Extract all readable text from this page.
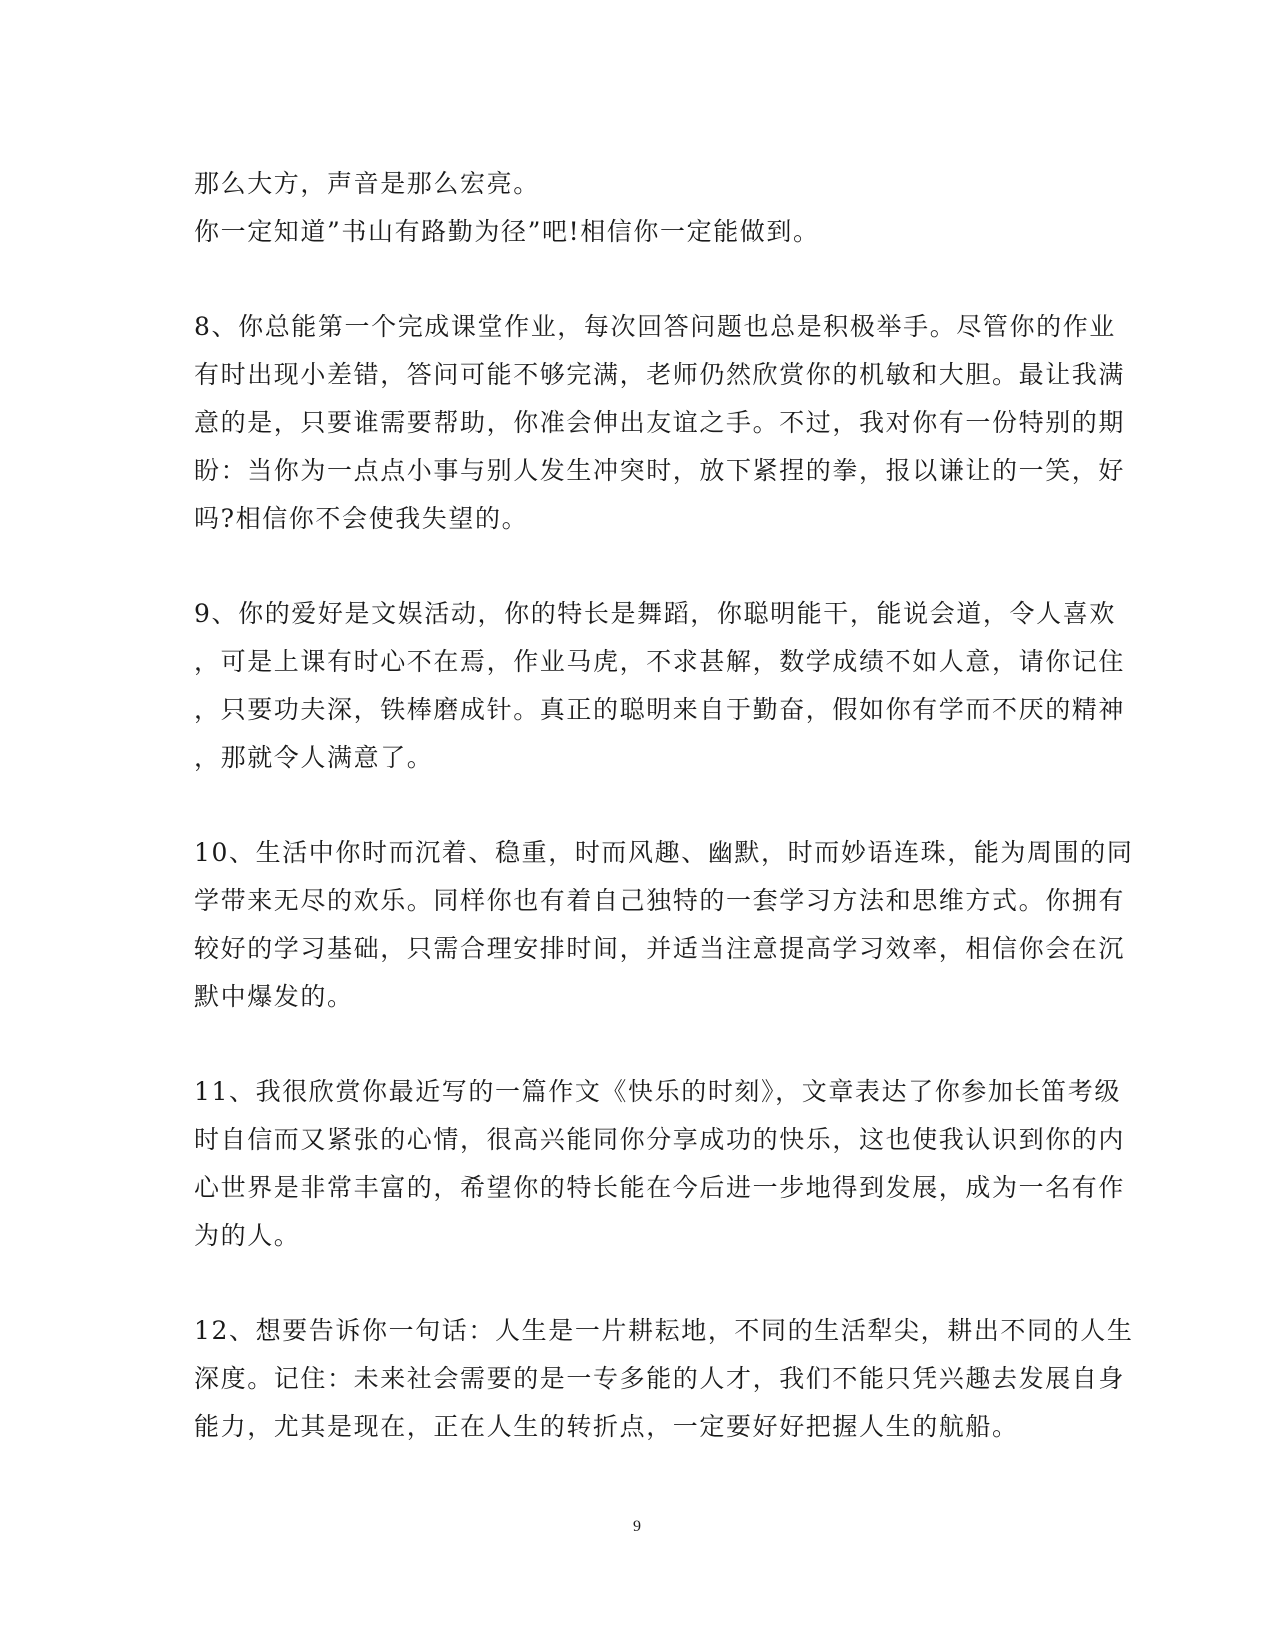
那么大方，声音是那么宏亮。
你一定知道”书山有路勤为径”吧!相信你一定能做到。
8、你总能第一个完成课堂作业，每次回答问题也总是积极举手。尽管你的作业
有时出现小差错，答问可能不够完满，老师仍然欣赏你的机敏和大胆。最让我满
意的是，只要谁需要帮助，你准会伸出友谊之手。不过，我对你有一份特别的期
盼：当你为一点点小事与别人发生冲突时，放下紧捏的拳，报以谦让的一笑，好
吗?相信你不会使我失望的。
9、你的爱好是文娱活动，你的特长是舞蹈，你聪明能干，能说会道，令人喜欢
，可是上课有时心不在焉，作业马虎，不求甚解，数学成绩不如人意，请你记住
，只要功夫深，铁棒磨成针。真正的聪明来自于勤奋，假如你有学而不厌的精神
，那就令人满意了。
10、生活中你时而沉着、稳重，时而风趣、幽默，时而妙语连珠，能为周围的同
学带来无尽的欢乐。同样你也有着自己独特的一套学习方法和思维方式。你拥有
较好的学习基础，只需合理安排时间，并适当注意提高学习效率，相信你会在沉
默中爆发的。
11、我很欣赏你最近写的一篇作文《快乐的时刻》，文章表达了你参加长笛考级
时自信而又紧张的心情，很高兴能同你分享成功的快乐，这也使我认识到你的内
心世界是非常丰富的，希望你的特长能在今后进一步地得到发展，成为一名有作
为的人。
12、想要告诉你一句话：人生是一片耕耘地，不同的生活犁尖，耕出不同的人生
深度。记住：未来社会需要的是一专多能的人才，我们不能只凭兴趣去发展自身
能力，尤其是现在，正在人生的转折点，一定要好好把握人生的航船。
9
